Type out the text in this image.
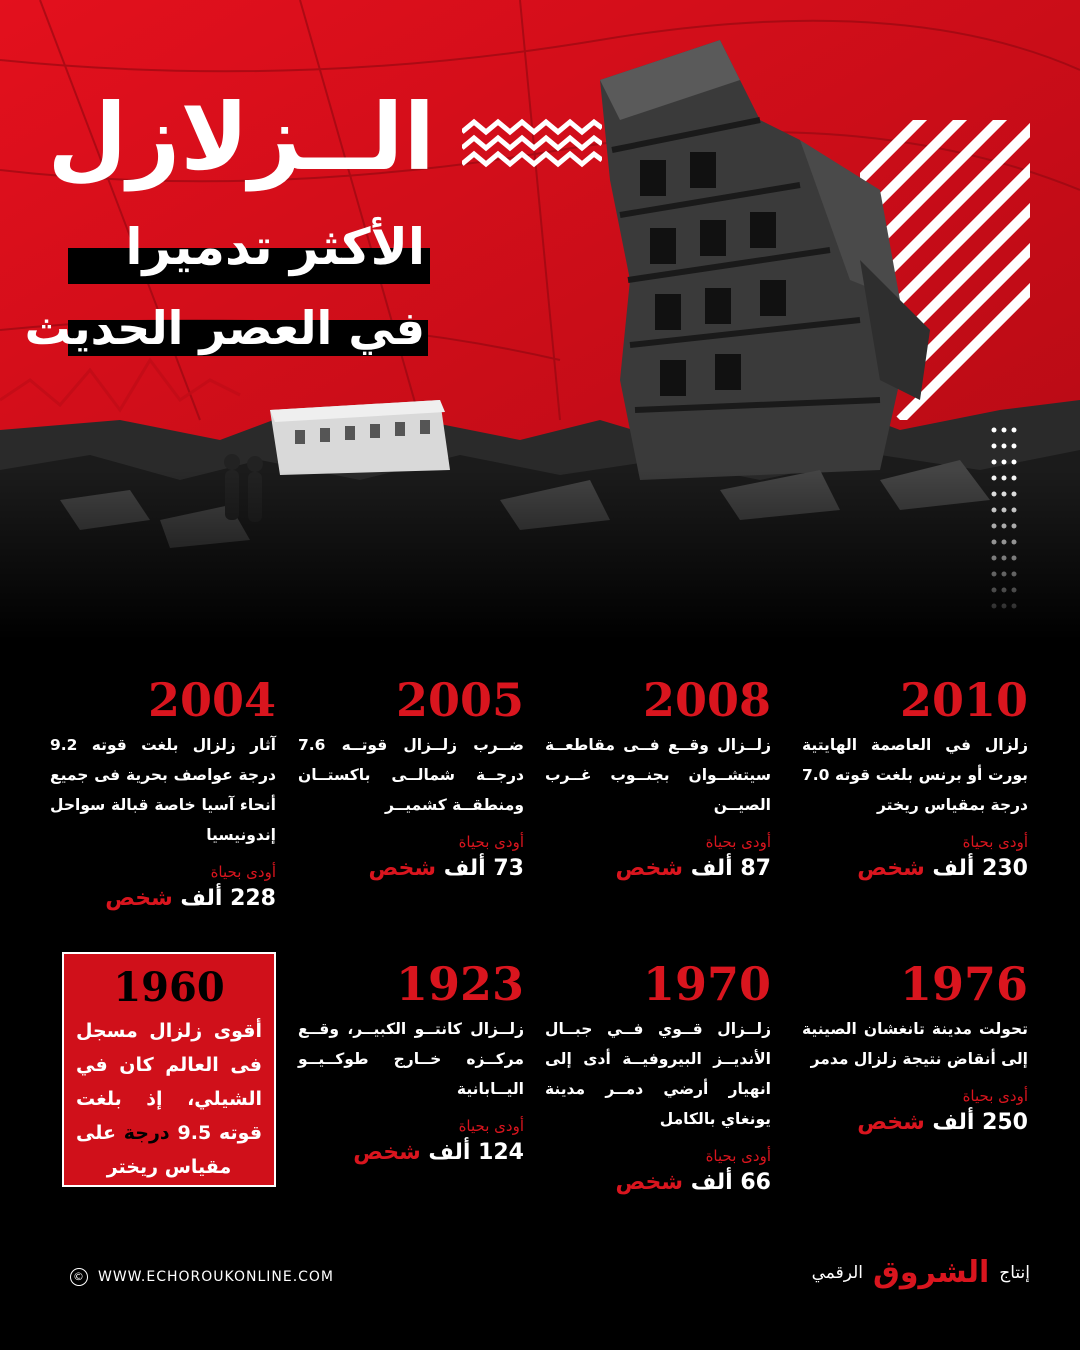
الــزلازل
الأكثر تدميرا
في العصر الحديث
2010
زلزال في العاصمة الهايتية بورت أو برنس بلغت قوته 7.0 درجة بمقياس ريختر
أودى بحياة
230 ألف شخص
2008
زلــزال وقــع فــى مقاطعــة سيتشــوان بجنــوب غــرب الصيــن
أودى بحياة
87 ألف شخص
2005
ضــرب زلــزال قوتــه 7.6 درجــة شمالــى باكستــان ومنطقــة كشميــر
أودى بحياة
73 ألف شخص
2004
آثار زلزال بلغت قوته 9.2 درجة عواصف بحرية فى جميع أنحاء آسيا خاصة قبالة سواحل إندونيسيا
أودى بحياة
228 ألف شخص
1976
تحولت مدينة تانغشان الصينية إلى أنقاض نتيجة زلزال مدمر
أودى بحياة
250 ألف شخص
1970
زلــزال قــوي فــي جبــال الأنديــز البيروفيــة أدى إلى انهيار أرضي دمــر مدينة يونغاي بالكامل
أودى بحياة
66 ألف شخص
1923
زلــزال كانتــو الكبيــر، وقــع مركــزه خــارج طوكــيــو اليــابانية
أودى بحياة
124 ألف شخص
1960
أقوى زلزال مسجل فى العالم كان في الشيلي، إذ بلغت قوته 9.5 درجة على مقياس ريختر
© WWW.ECHOROUKONLINE.COM	إنتاج
الشروق
الرقمي
